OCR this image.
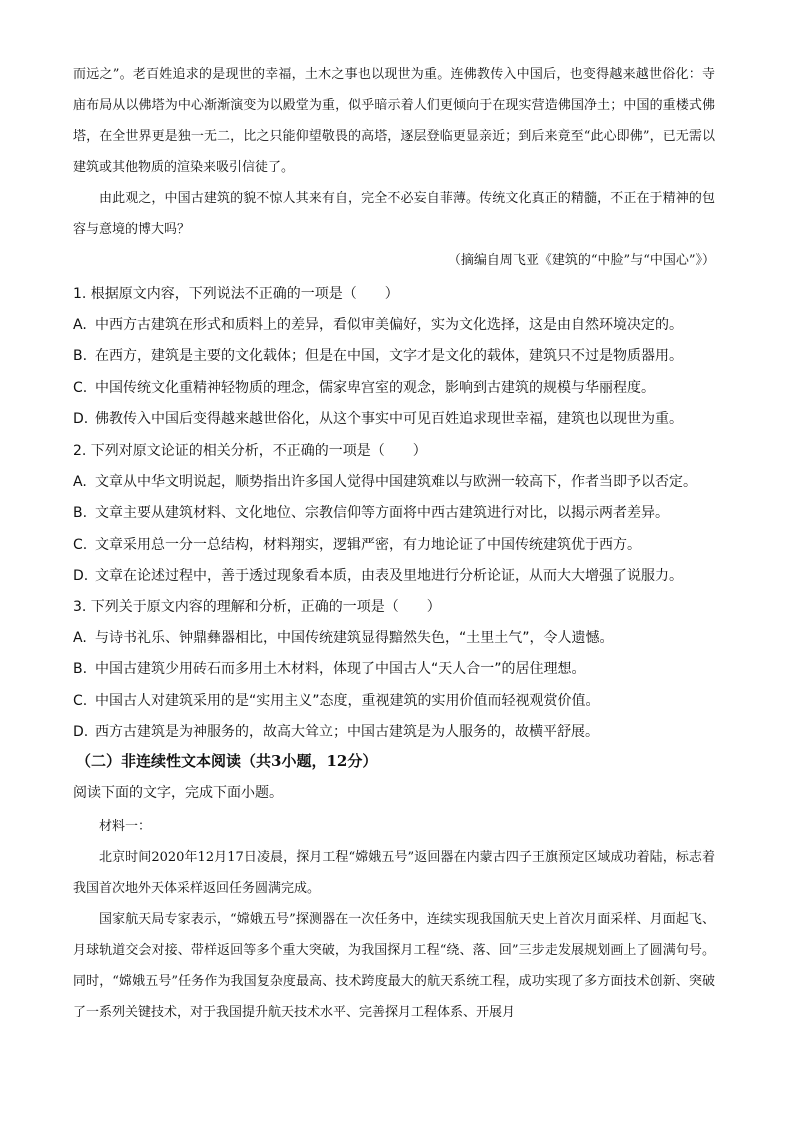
而远之”。老百姓追求的是现世的幸福，土木之事也以现世为重。连佛教传入中国后，也变得越来越世俗化：寺庙布局从以佛塔为中心渐渐演变为以殿堂为重，似乎暗示着人们更倾向于在现实营造佛国净土；中国的重楼式佛塔，在全世界更是独一无二，比之只能仰望敬畏的高塔，逐层登临更显亲近；到后来竟至“此心即佛”，已无需以建筑或其他物质的渲染来吸引信徒了。

由此观之，中国古建筑的貌不惊人其来有自，完全不必妄自菲薄。传统文化真正的精髓，不正在于精神的包容与意境的博大吗？

（摘编自周飞亚《建筑的“中脸”与“中国心”》）
1. 根据原文内容，下列说法不正确的一项是（　　）
A. 中西方古建筑在形式和质料上的差异，看似审美偏好，实为文化选择，这是由自然环境决定的。
B. 在西方，建筑是主要的文化载体；但是在中国，文字才是文化的载体，建筑只不过是物质器用。
C. 中国传统文化重精神轻物质的理念，儒家卑宫室的观念，影响到古建筑的规模与华丽程度。
D. 佛教传入中国后变得越来越世俗化，从这个事实中可见百姓追求现世幸福，建筑也以现世为重。
2. 下列对原文论证的相关分析，不正确的一项是（　　）
A. 文章从中华文明说起，顺势指出许多国人觉得中国建筑难以与欧洲一较高下，作者当即予以否定。
B. 文章主要从建筑材料、文化地位、宗教信仰等方面将中西古建筑进行对比，以揭示两者差异。
C. 文章采用总一分一总结构，材料翔实，逻辑严密，有力地论证了中国传统建筑优于西方。
D. 文章在论述过程中，善于透过现象看本质，由表及里地进行分析论证，从而大大增强了说服力。
3. 下列关于原文内容的理解和分析，正确的一项是（　　）
A. 与诗书礼乐、钟鼎彝器相比，中国传统建筑显得黯然失色，“土里土气”，令人遗憾。
B. 中国古建筑少用砖石而多用土木材料，体现了中国古人“天人合一”的居住理想。
C. 中国古人对建筑采用的是“实用主义”态度，重视建筑的实用价值而轻视观赏价值。
D. 西方古建筑是为神服务的，故高大耸立；中国古建筑是为人服务的，故横平舒展。
（二）非连续性文本阅读（共3小题，12分）
阅读下面的文字，完成下面小题。

材料一：

北京时间2020年12月17日凌晨，探月工程“嫦娥五号”返回器在内蒙古四子王旗预定区域成功着陆，标志着我国首次地外天体采样返回任务圆满完成。

国家航天局专家表示，“嫦娥五号”探测器在一次任务中，连续实现我国航天史上首次月面采样、月面起飞、月球轨道交会对接、带样返回等多个重大突破，为我国探月工程“绕、落、回”三步走发展规划画上了圆满句号。同时，“嫦娥五号”任务作为我国复杂度最高、技术跨度最大的航天系统工程，成功实现了多方面技术创新、突破了一系列关键技术，对于我国提升航天技术水平、完善探月工程体系、开展月
